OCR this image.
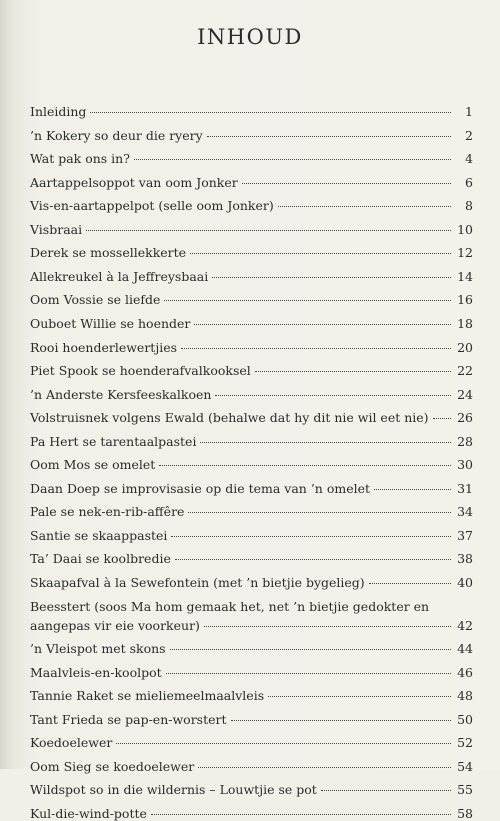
INHOUD
Inleiding	1
’n Kokery so deur die ryery	2
Wat pak ons in?	4
Aartappelsoppot van oom Jonker	6
Vis-en-aartappelpot (selle oom Jonker)	8
Visbraai	10
Derek se mossellekkerte	12
Allekreukel à la Jeffreysbaai	14
Oom Vossie se liefde	16
Ouboet Willie se hoender	18
Rooi hoenderlewertjies	20
Piet Spook se hoenderafvalkooksel	22
’n Anderste Kersfeeskalkoen	24
Volstruisnek volgens Ewald (behalwe dat hy dit nie wil eet nie) 26
Pa Hert se tarentaalpastei	28
Oom Mos se omelet	30
Daan Doep se improvisasie op die tema van ’n omelet	31
Pale se nek-en-rib-affêre	34
Santie se skaappastei	37
Ta’ Daai se koolbredie	38
Skaapafval à la Sewefontein (met ’n bietjie bygelieg)	40
Beesstert (soos Ma hom gemaak het, net ’n bietjie gedokter en
aangepas vir eie voorkeur)	42
’n Vleispot met skons	44
Maalvleis-en-koolpot	46
Tannie Raket se mieliemeelmaalvleis	48
Tant Frieda se pap-en-worstert	50
Koedoelewer	52
Oom Sieg se koedoelewer	54
Wildspot so in die wildernis – Louwtjie se pot	55
Kul-die-wind-potte	58
